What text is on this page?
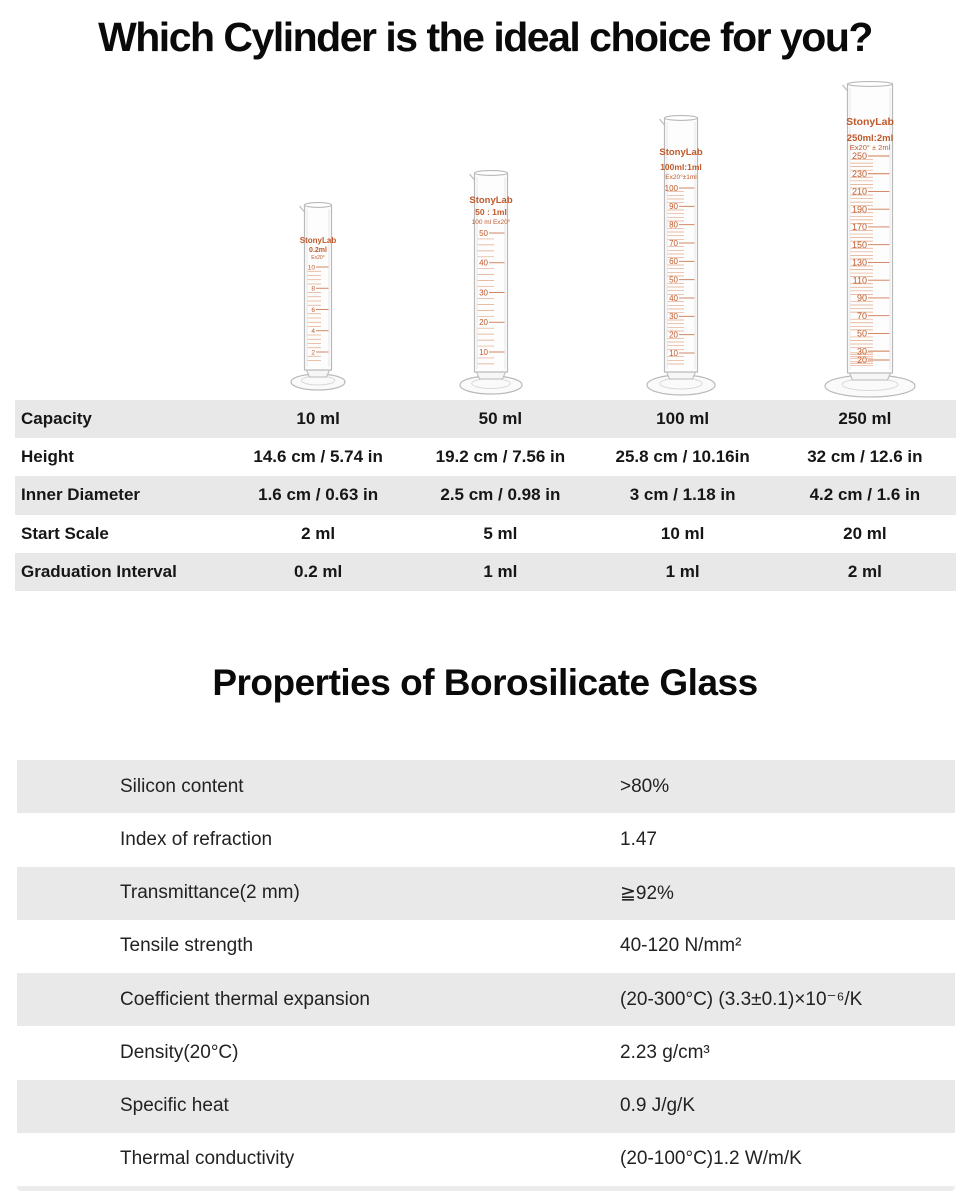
Which Cylinder is the ideal choice for you?
StonyLab
0.2ml
Ex20°
2
4
6
8
10
StonyLab
50 : 1ml
100 ml Ex20°
10
20
30
40
50
StonyLab
100ml:1ml
Ex20°±1ml
10
20
30
40
50
60
70
80
90
100
StonyLab
250ml:2ml
Ex20° ± 2ml
20
30
50
70
90
110
130
150
170
190
210
230
250
Capacity	10 ml	50 ml	100 ml	250 ml
Height	14.6 cm / 5.74 in	19.2 cm / 7.56 in	25.8 cm / 10.16in	32 cm / 12.6 in
Inner Diameter	1.6 cm / 0.63 in	2.5 cm / 0.98 in	3 cm / 1.18 in	4.2 cm / 1.6 in
Start Scale	2 ml	5 ml	10 ml	20 ml
Graduation Interval	0.2 ml	1 ml	1 ml	2 ml
Properties of Borosilicate Glass
Silicon content	>80%
Index of refraction	1.47
Transmittance(2 mm)	≧92%
Tensile strength	40-120 N/mm²
Coefficient thermal expansion	(20-300°C) (3.3±0.1)×10⁻⁶/K
Density(20°C)	2.23 g/cm³
Specific heat	0.9 J/g/K
Thermal conductivity	(20-100°C)1.2 W/m/K
